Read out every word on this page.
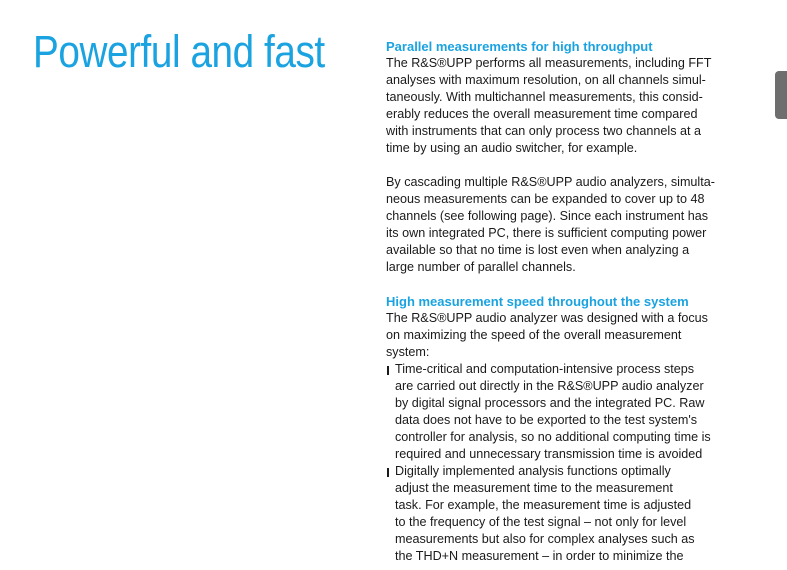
Powerful and fast	Parallel measurements for high throughput

The R&S®UPP performs all measurements, including FFT
analyses with maximum resolution, on all channels simul-
taneously. With multichannel measurements, this consid-
erably reduces the overall measurement time compared
with instruments that can only process two channels at a
time by using an audio switcher, for example.

By cascading multiple R&S®UPP audio analyzers, simulta-
neous measurements can be expanded to cover up to 48
channels (see following page). Since each instrument has
its own integrated PC, there is sufficient computing power
available so that no time is lost even when analyzing a
large number of parallel channels.

High measurement speed throughout the system

The R&S®UPP audio analyzer was designed with a focus
on maximizing the speed of the overall measurement
system:

Time-critical and computation-intensive process steps
are carried out directly in the R&S®UPP audio analyzer
by digital signal processors and the integrated PC. Raw
data does not have to be exported to the test system's
controller for analysis, so no additional computing time is
required and unnecessary transmission time is avoided
Digitally implemented analysis functions optimally
adjust the measurement time to the measurement
task. For example, the measurement time is adjusted
to the frequency of the test signal – not only for level
measurements but also for complex analyses such as
the THD+N measurement – in order to minimize the
